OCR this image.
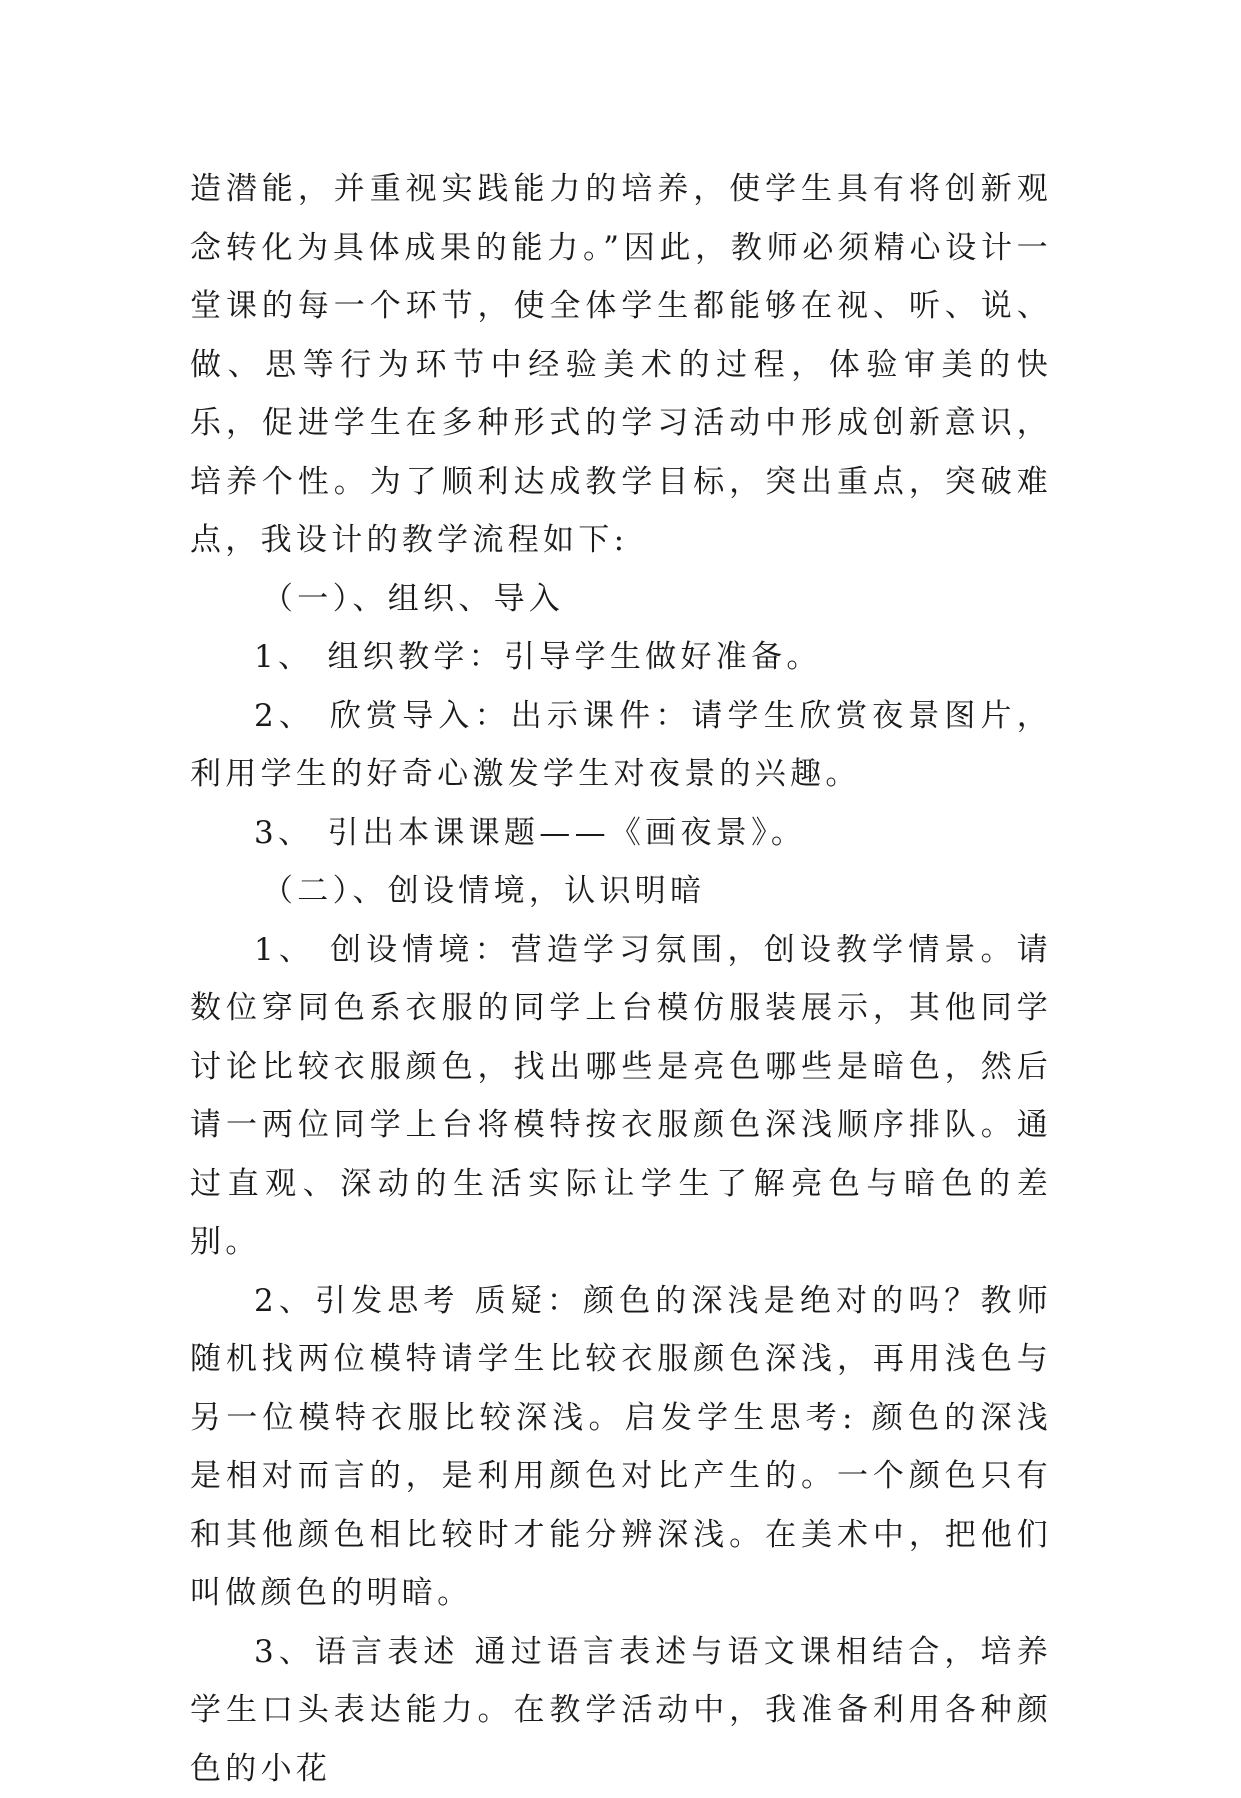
造潜能，并重视实践能力的培养，使学生具有将创新观念转化为具体成果的能力。”因此，教师必须精心设计一堂课的每一个环节，使全体学生都能够在视、听、说、做、思等行为环节中经验美术的过程，体验审美的快乐，促进学生在多种形式的学习活动中形成创新意识，培养个性。为了顺利达成教学目标，突出重点，突破难点，我设计的教学流程如下:

（一）、组织、导入

1、 组织教学：引导学生做好准备。

2、 欣赏导入：出示课件：请学生欣赏夜景图片，利用学生的好奇心激发学生对夜景的兴趣。

3、 引出本课课题——《画夜景》。

（二）、创设情境，认识明暗

1、 创设情境：营造学习氛围，创设教学情景。请数位穿同色系衣服的同学上台模仿服装展示，其他同学讨论比较衣服颜色，找出哪些是亮色哪些是暗色，然后请一两位同学上台将模特按衣服颜色深浅顺序排队。通过直观、深动的生活实际让学生了解亮色与暗色的差别。

2、引发思考 质疑：颜色的深浅是绝对的吗？教师随机找两位模特请学生比较衣服颜色深浅，再用浅色与另一位模特衣服比较深浅。启发学生思考: 颜色的深浅是相对而言的，是利用颜色对比产生的。一个颜色只有和其他颜色相比较时才能分辨深浅。在美术中，把他们叫做颜色的明暗。

3、语言表述 通过语言表述与语文课相结合，培养学生口头表达能力。在教学活动中，我准备利用各种颜色的小花
